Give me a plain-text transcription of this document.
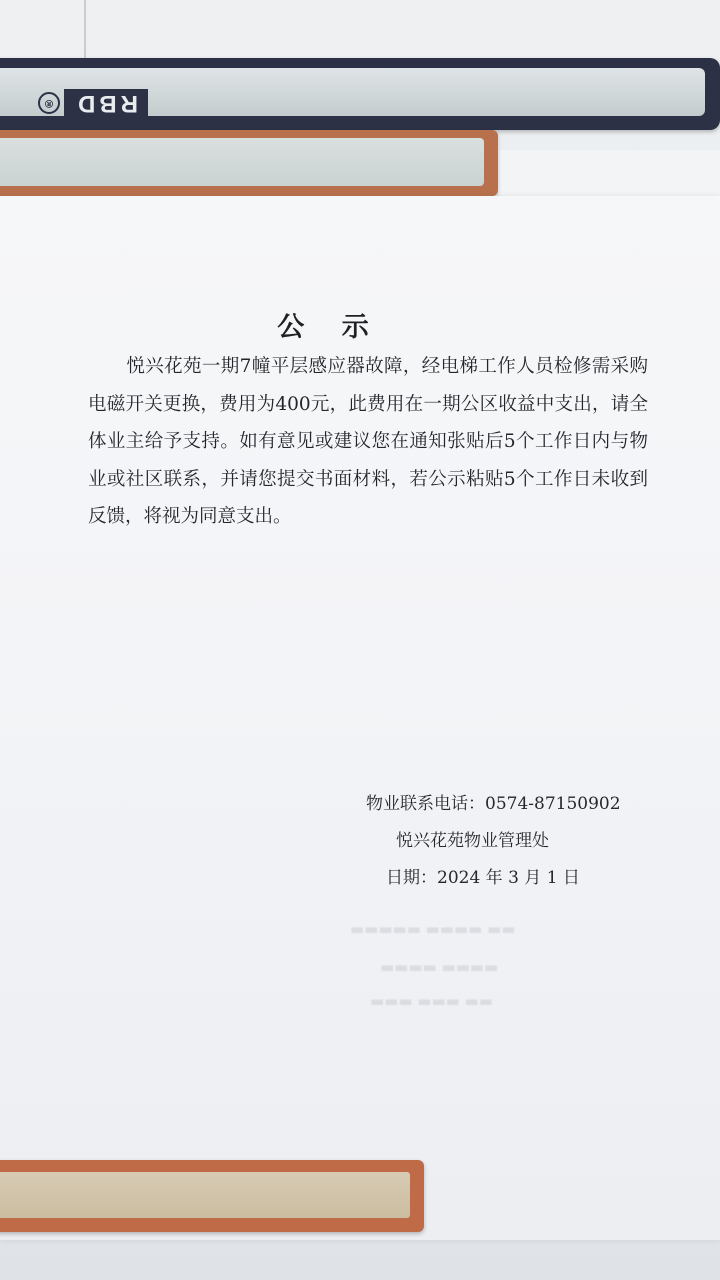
® RBD
▬▬▬▬▬ ▬▬▬▬ ▬▬
▬▬▬▬ ▬▬▬▬
▬▬▬ ▬▬▬ ▬▬
公 示
悦兴花苑一期7幢平层感应器故障，经电梯工作人员检修需采购电磁开关更换，费用为400元，此费用在一期公区收益中支出，请全体业主给予支持。如有意见或建议您在通知张贴后5个工作日内与物业或社区联系，并请您提交书面材料，若公示粘贴5个工作日未收到反馈，将视为同意支出。
物业联系电话：0574-87150902
悦兴花苑物业管理处
日期：2024 年 3 月 1 日
